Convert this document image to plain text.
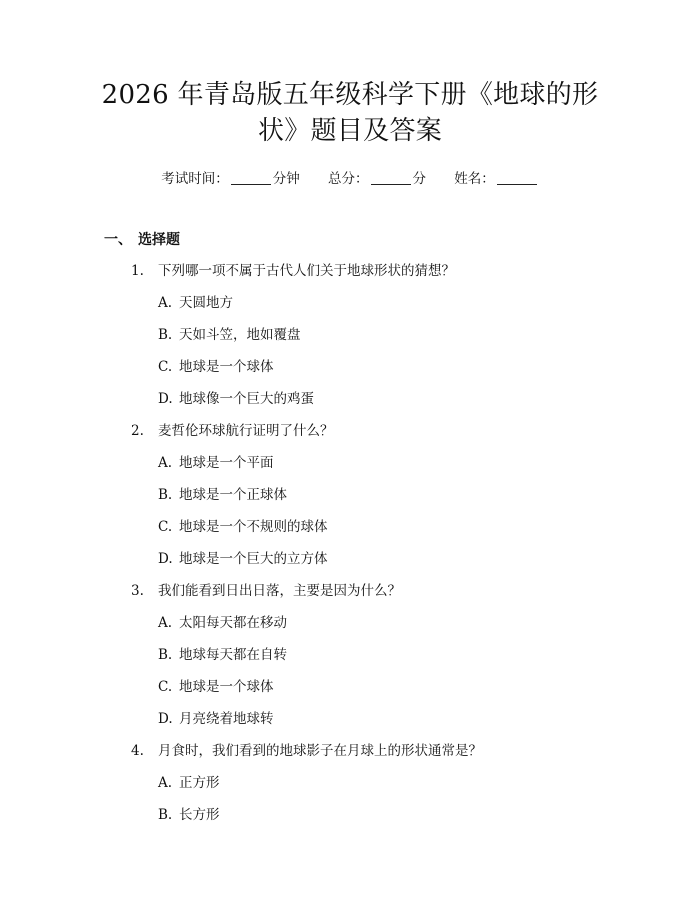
2026 年青岛版五年级科学下册《地球的形状》题目及答案
考试时间：	分钟 总分：	分 姓名：
一、 选择题
1. 下列哪一项不属于古代人们关于地球形状的猜想？
A. 天圆地方
B. 天如斗笠，地如覆盘
C. 地球是一个球体
D. 地球像一个巨大的鸡蛋
2. 麦哲伦环球航行证明了什么？
A. 地球是一个平面
B. 地球是一个正球体
C. 地球是一个不规则的球体
D. 地球是一个巨大的立方体
3. 我们能看到日出日落，主要是因为什么？
A. 太阳每天都在移动
B. 地球每天都在自转
C. 地球是一个球体
D. 月亮绕着地球转
4. 月食时，我们看到的地球影子在月球上的形状通常是？
A. 正方形
B. 长方形
